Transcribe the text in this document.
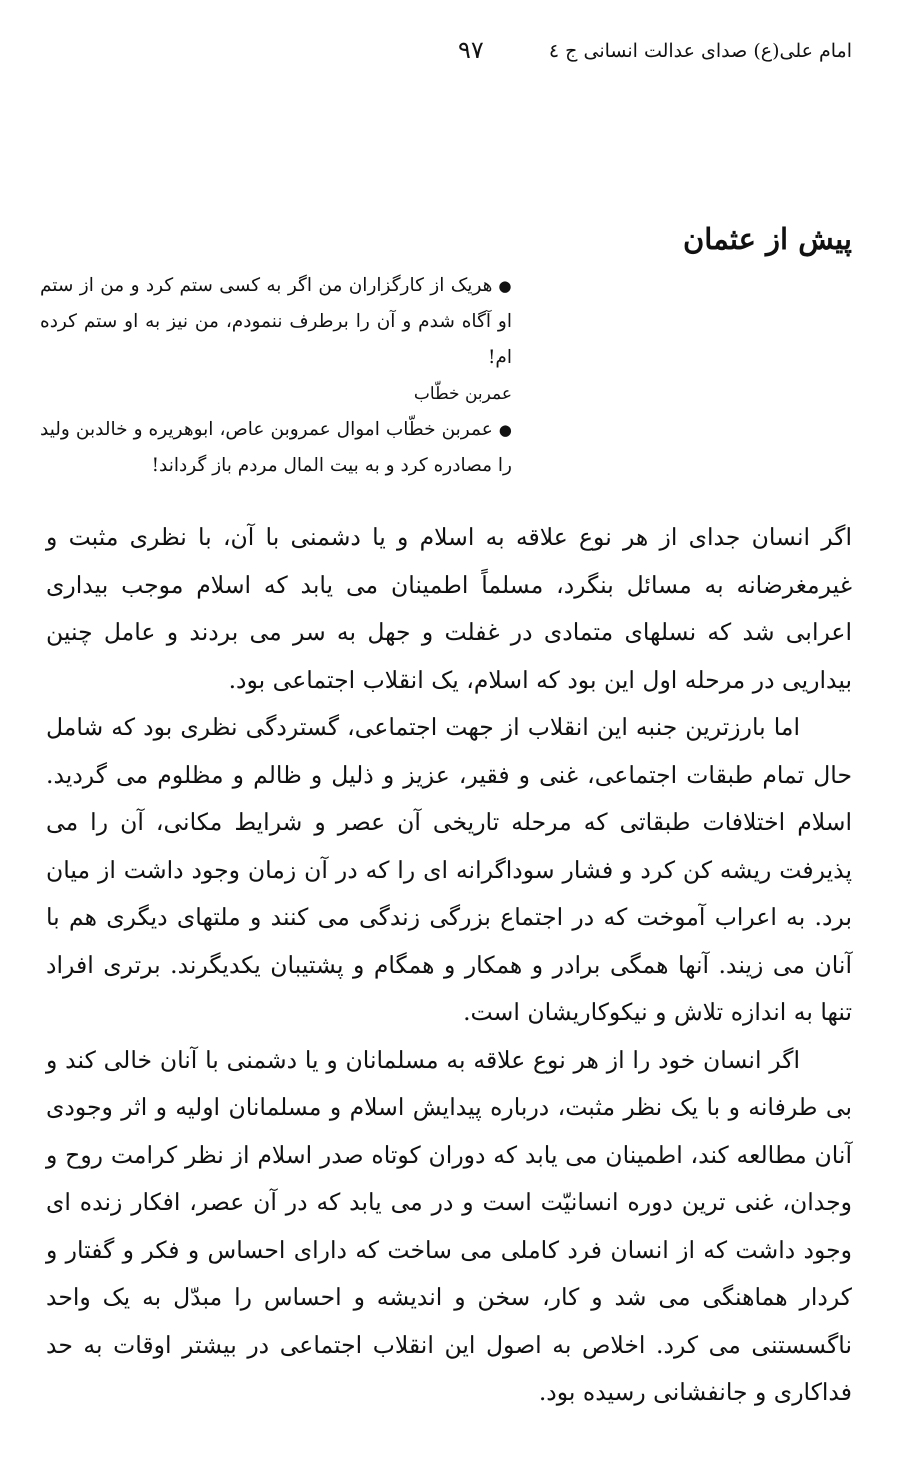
امام علی(ع) صدای عدالت انسانی ج ٤
٩٧
پیش از عثمان

●هریک از کارگزاران من اگر به کسی ستم کرد و من از ستم او آگاه شدم و آن را برطرف ننمودم، من نیز به او ستم کرده ام!

عمربن خطّاب

●عمربن خطّاب اموال عمروبن عاص، ابوهریره و خالدبن ولید را مصادره کرد و به بیت المال مردم باز گرداند!

اگر انسان جدای از هر نوع علاقه به اسلام و یا دشمنی با آن، با نظری مثبت و غیرمغرضانه به مسائل بنگرد، مسلماً اطمینان می یابد که اسلام موجب بیداری اعرابی شد که نسلهای متمادی در غفلت و جهل به سر می بردند و عامل چنین بیداریی در مرحله اول این بود که اسلام، یک انقلاب اجتماعی بود.

اما بارزترین جنبه این انقلاب از جهت اجتماعی، گستردگی نظری بود که شامل حال تمام طبقات اجتماعی، غنی و فقیر، عزیز و ذلیل و ظالم و مظلوم می گردید. اسلام اختلافات طبقاتی که مرحله تاریخی آن عصر و شرایط مکانی، آن را می پذیرفت ریشه کن کرد و فشار سوداگرانه ای را که در آن زمان وجود داشت از میان برد. به اعراب آموخت که در اجتماع بزرگی زندگی می کنند و ملتهای دیگری هم با آنان می زیند. آنها همگی برادر و همکار و همگام و پشتیبان یکدیگرند. برتری افراد تنها به اندازه تلاش و نیکوکاریشان است.

اگر انسان خود را از هر نوع علاقه به مسلمانان و یا دشمنی با آنان خالی کند و بی طرفانه و با یک نظر مثبت، درباره پیدایش اسلام و مسلمانان اولیه و اثر وجودی آنان مطالعه کند، اطمینان می یابد که دوران کوتاه صدر اسلام از نظر کرامت روح و وجدان، غنی ترین دوره انسانیّت است و در می یابد که در آن عصر، افکار زنده ای وجود داشت که از انسان فرد کاملی می ساخت که دارای احساس و فکر و گفتار و کردار هماهنگی می شد و کار، سخن و اندیشه و احساس را مبدّل به یک واحد ناگسستنی می کرد. اخلاص به اصول این انقلاب اجتماعی در بیشتر اوقات به حد فداکاری و جانفشانی رسیده بود.
